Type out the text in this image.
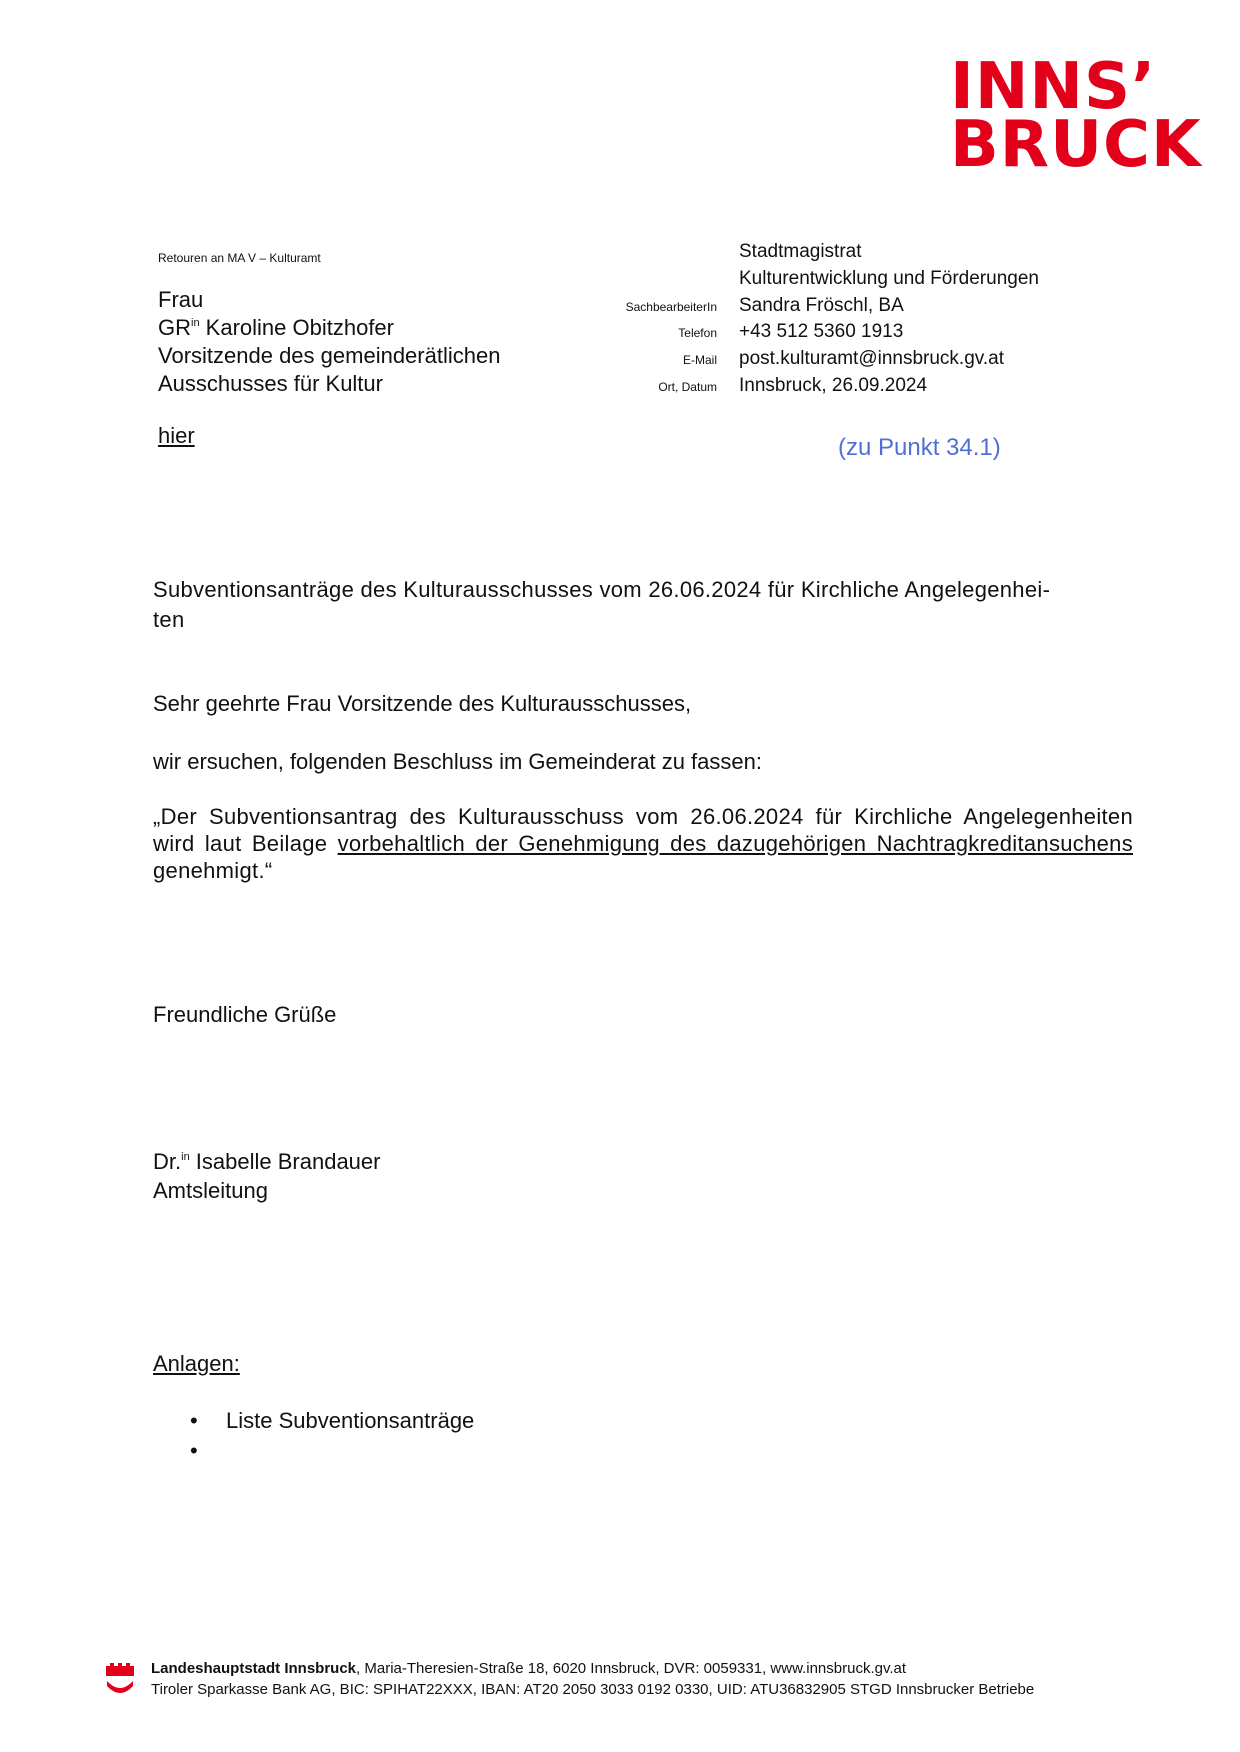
INNS’
BRUCK
Retouren an MA V – Kulturamt
Frau
$GR^{in}$ Karoline Obitzhofer
Vorsitzende des gemeinderätlichen
Ausschusses für Kultur
hier
Stadtmagistrat
Kulturentwicklung und Förderungen
SachbearbeiterIn	Sandra Fröschl, BA
Telefon	+43 512 5360 1913
E-Mail	post.kulturamt@innsbruck.gv.at
Ort, Datum	Innsbruck, 26.09.2024
(zu Punkt 34.1)
Subventionsanträge des Kulturausschusses vom 26.06.2024 für Kirchliche Angelegenhei-
ten
Sehr geehrte Frau Vorsitzende des Kulturausschusses,
wir ersuchen, folgenden Beschluss im Gemeinderat zu fassen:
„Der Subventionsantrag des Kulturausschuss vom 26.06.2024 für Kirchliche Angelegenheiten wird laut Beilage vorbehaltlich der Genehmigung des dazugehörigen Nachtragkreditansuchens genehmigt.“
Freundliche Grüße
Dr.$^{in}$ Isabelle Brandauer
Amtsleitung
Anlagen:
• Liste Subventionsanträge
•
Landeshauptstadt Innsbruck, Maria-Theresien-Straße 18, 6020 Innsbruck, DVR: 0059331, www.innsbruck.gv.at
Tiroler Sparkasse Bank AG, BIC: SPIHAT22XXX, IBAN: AT20 2050 3033 0192 0330, UID: ATU36832905 STGD Innsbrucker Betriebe
